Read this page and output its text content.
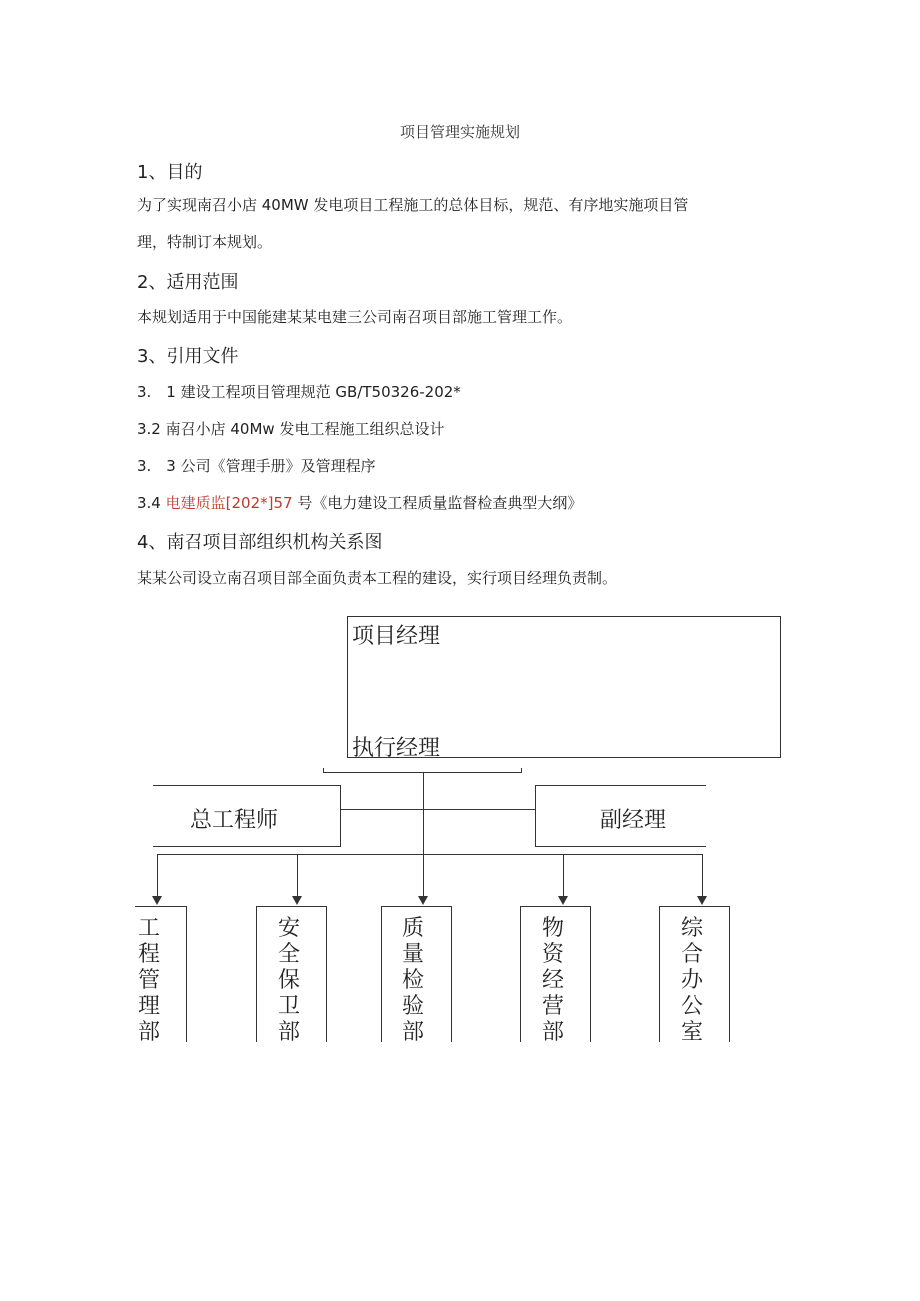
项目管理实施规划
1、目的
为了实现南召小店 40MW 发电项目工程施工的总体目标，规范、有序地实施项目管
理，特制订本规划。
2、适用范围
本规划适用于中国能建某某电建三公司南召项目部施工管理工作。
3、引用文件
3.　1 建设工程项目管理规范 GB/T50326-202*
3.2 南召小店 40Mw 发电工程施工组织总设计
3.　3 公司《管理手册》及管理程序
3.4 电建质监[202*]57 号《电力建设工程质量监督检查典型大纲》
4、南召项目部组织机构关系图
某某公司设立南召项目部全面负责本工程的建设，实行项目经理负责制。
项目经理
执行经理
总工程师	副经理
工程管理部
安全保卫部
质量检验部
物资经营部
综合办公室
